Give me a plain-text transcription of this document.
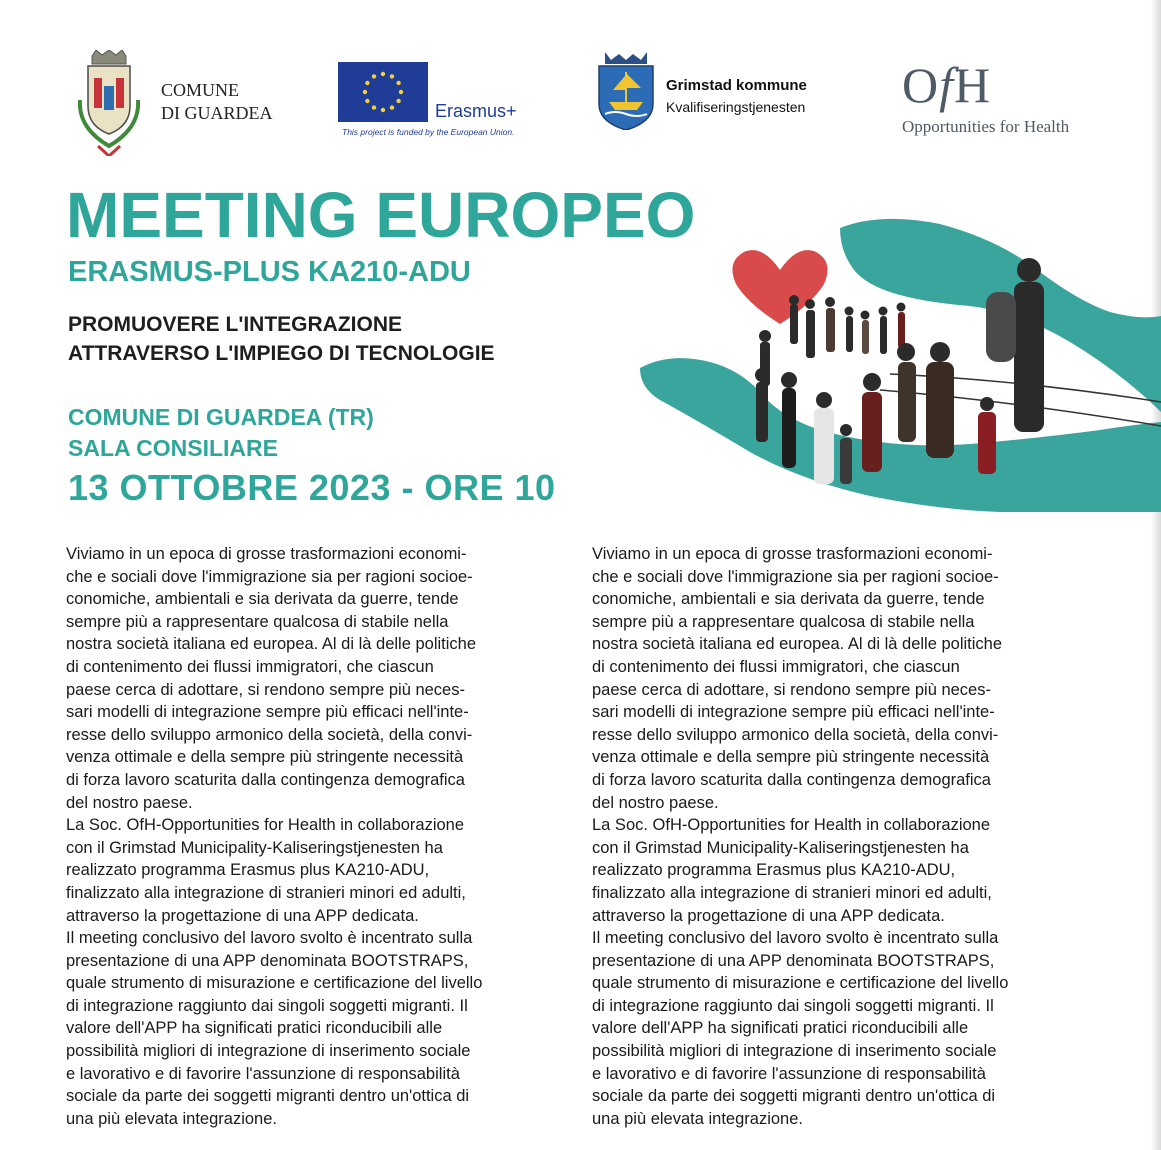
COMUNE
DI GUARDEA	Erasmus+
This project is funded by the European Union.
Grimstad kommune
Kvalifiseringstjenesten OfH
Opportunities for Health
MEETING EUROPEO
ERASMUS-PLUS KA210-ADU
PROMUOVERE L'INTEGRAZIONE
ATTRAVERSO L'IMPIEGO DI TECNOLOGIE
COMUNE DI GUARDEA (TR)
SALA CONSILIARE
13 OTTOBRE 2023 - ORE 10
Viviamo in un epoca di grosse trasformazioni economi-
che e sociali dove l'immigrazione sia per ragioni socioe-
conomiche, ambientali e sia derivata da guerre, tende
sempre più a rappresentare qualcosa di stabile nella
nostra società italiana ed europea. Al di là delle politiche
di contenimento dei flussi immigratori, che ciascun
paese cerca di adottare, si rendono sempre più neces-
sari modelli di integrazione sempre più efficaci nell'inte-
resse dello sviluppo armonico della società, della convi-
venza ottimale e della sempre più stringente necessità
di forza lavoro scaturita dalla contingenza demografica
del nostro paese.
La Soc. OfH-Opportunities for Health in collaborazione
con il Grimstad Municipality-Kaliseringstjenesten ha
realizzato programma Erasmus plus KA210-ADU,
finalizzato alla integrazione di stranieri minori ed adulti,
attraverso la progettazione di una APP dedicata.
Il meeting conclusivo del lavoro svolto è incentrato sulla
presentazione di una APP denominata BOOTSTRAPS,
quale strumento di misurazione e certificazione del livello
di integrazione raggiunto dai singoli soggetti migranti. Il
valore dell'APP ha significati pratici riconducibili alle
possibilità migliori di integrazione di inserimento sociale
e lavorativo e di favorire l'assunzione di responsabilità
sociale da parte dei soggetti migranti dentro un'ottica di
una più elevata integrazione.
Viviamo in un epoca di grosse trasformazioni economi-
che e sociali dove l'immigrazione sia per ragioni socioe-
conomiche, ambientali e sia derivata da guerre, tende
sempre più a rappresentare qualcosa di stabile nella
nostra società italiana ed europea. Al di là delle politiche
di contenimento dei flussi immigratori, che ciascun
paese cerca di adottare, si rendono sempre più neces-
sari modelli di integrazione sempre più efficaci nell'inte-
resse dello sviluppo armonico della società, della convi-
venza ottimale e della sempre più stringente necessità
di forza lavoro scaturita dalla contingenza demografica
del nostro paese.
La Soc. OfH-Opportunities for Health in collaborazione
con il Grimstad Municipality-Kaliseringstjenesten ha
realizzato programma Erasmus plus KA210-ADU,
finalizzato alla integrazione di stranieri minori ed adulti,
attraverso la progettazione di una APP dedicata.
Il meeting conclusivo del lavoro svolto è incentrato sulla
presentazione di una APP denominata BOOTSTRAPS,
quale strumento di misurazione e certificazione del livello
di integrazione raggiunto dai singoli soggetti migranti. Il
valore dell'APP ha significati pratici riconducibili alle
possibilità migliori di integrazione di inserimento sociale
e lavorativo e di favorire l'assunzione di responsabilità
sociale da parte dei soggetti migranti dentro un'ottica di
una più elevata integrazione.
